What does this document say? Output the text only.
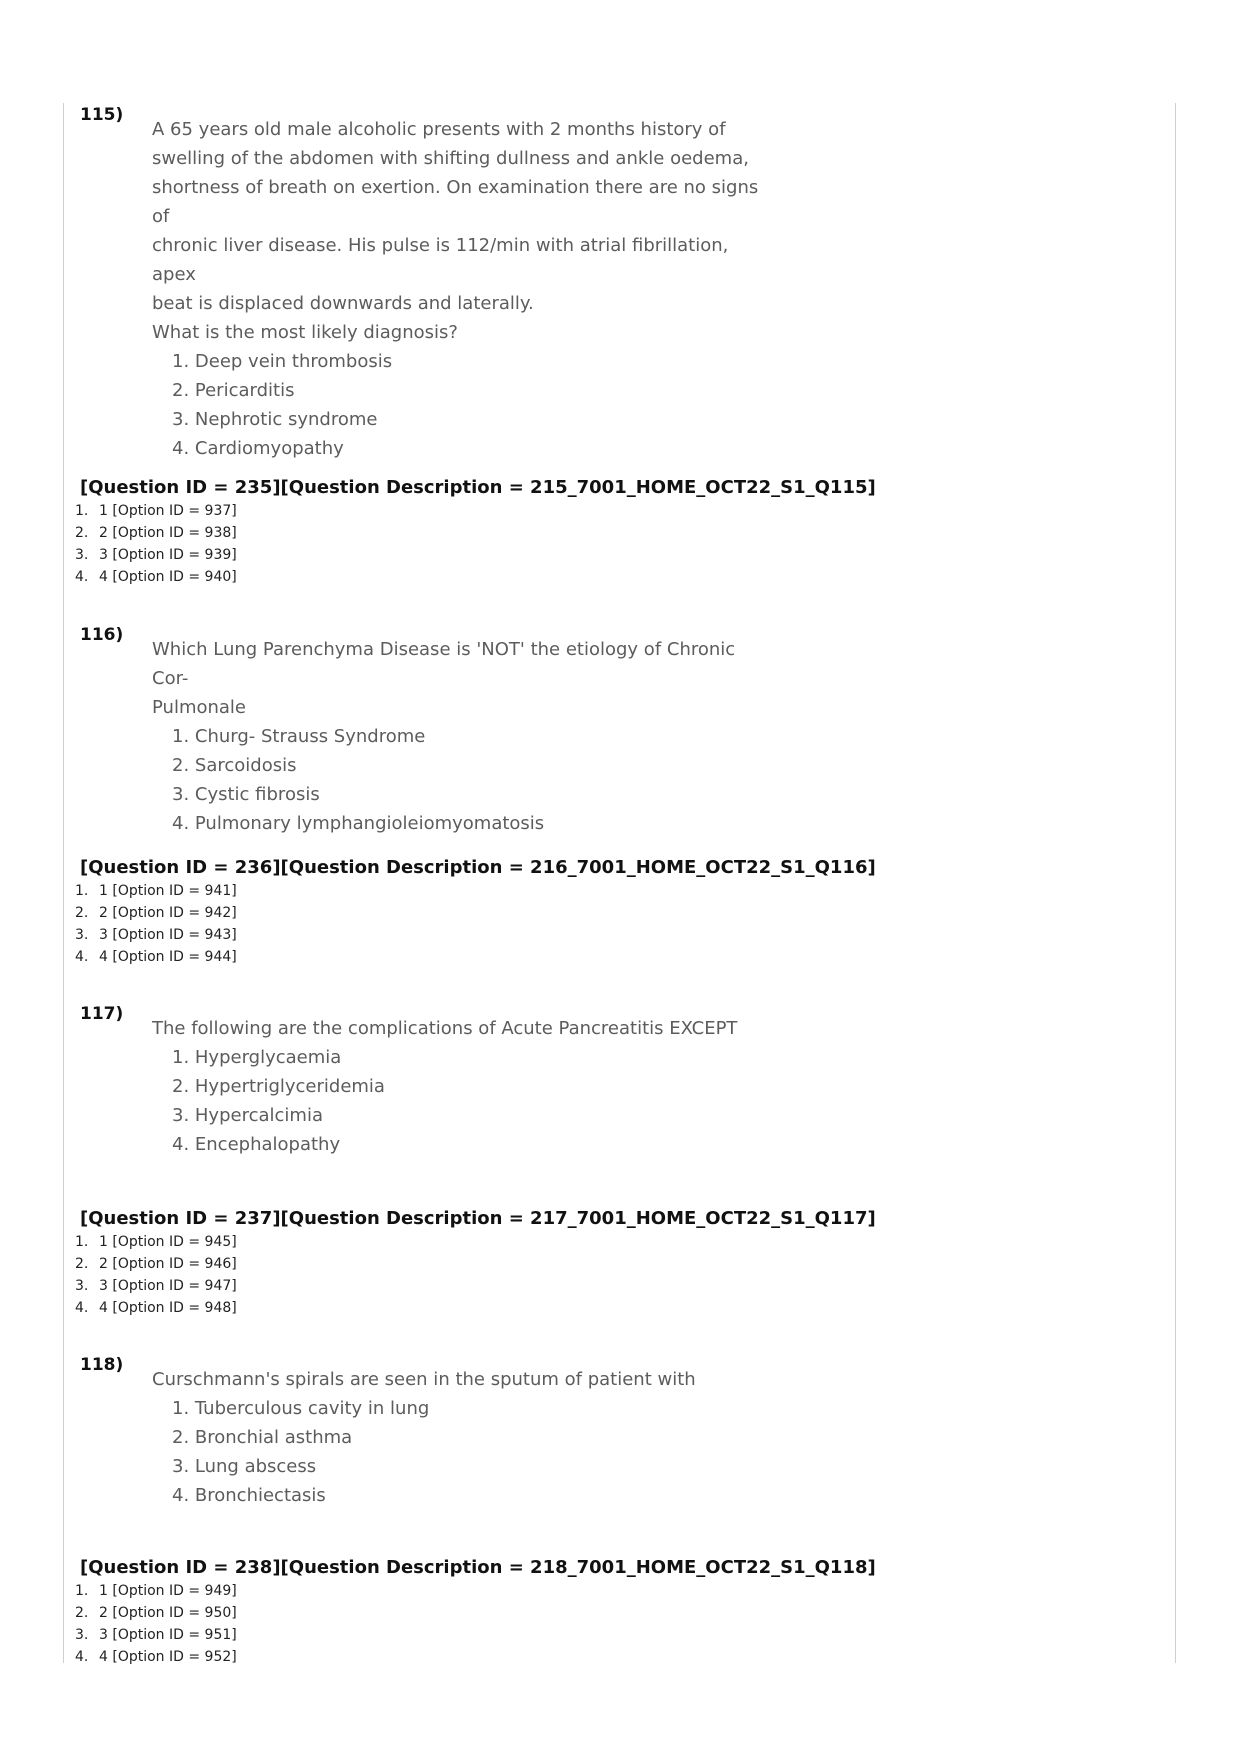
115)
A 65 years old male alcoholic presents with 2 months history of
swelling of the abdomen with shifting dullness and ankle oedema,
shortness of breath on exertion. On examination there are no signs of
chronic liver disease. His pulse is 112/min with atrial fibrillation, apex
beat is displaced downwards and laterally.
What is the most likely diagnosis?
1. Deep vein thrombosis
2. Pericarditis
3. Nephrotic syndrome
4. Cardiomyopathy
[Question ID = 235][Question Description = 215_7001_HOME_OCT22_S1_Q115]
1. 1 [Option ID = 937]
2. 2 [Option ID = 938]
3. 3 [Option ID = 939]
4. 4 [Option ID = 940]
116)
Which Lung Parenchyma Disease is 'NOT' the etiology of Chronic Cor-
Pulmonale
1. Churg- Strauss Syndrome
2. Sarcoidosis
3. Cystic fibrosis
4. Pulmonary lymphangioleiomyomatosis
[Question ID = 236][Question Description = 216_7001_HOME_OCT22_S1_Q116]
1. 1 [Option ID = 941]
2. 2 [Option ID = 942]
3. 3 [Option ID = 943]
4. 4 [Option ID = 944]
117)
The following are the complications of Acute Pancreatitis EXCEPT
1. Hyperglycaemia
2. Hypertriglyceridemia
3. Hypercalcimia
4. Encephalopathy
[Question ID = 237][Question Description = 217_7001_HOME_OCT22_S1_Q117]
1. 1 [Option ID = 945]
2. 2 [Option ID = 946]
3. 3 [Option ID = 947]
4. 4 [Option ID = 948]
118)
Curschmann's spirals are seen in the sputum of patient with
1. Tuberculous cavity in lung
2. Bronchial asthma
3. Lung abscess
4. Bronchiectasis
[Question ID = 238][Question Description = 218_7001_HOME_OCT22_S1_Q118]
1. 1 [Option ID = 949]
2. 2 [Option ID = 950]
3. 3 [Option ID = 951]
4. 4 [Option ID = 952]
